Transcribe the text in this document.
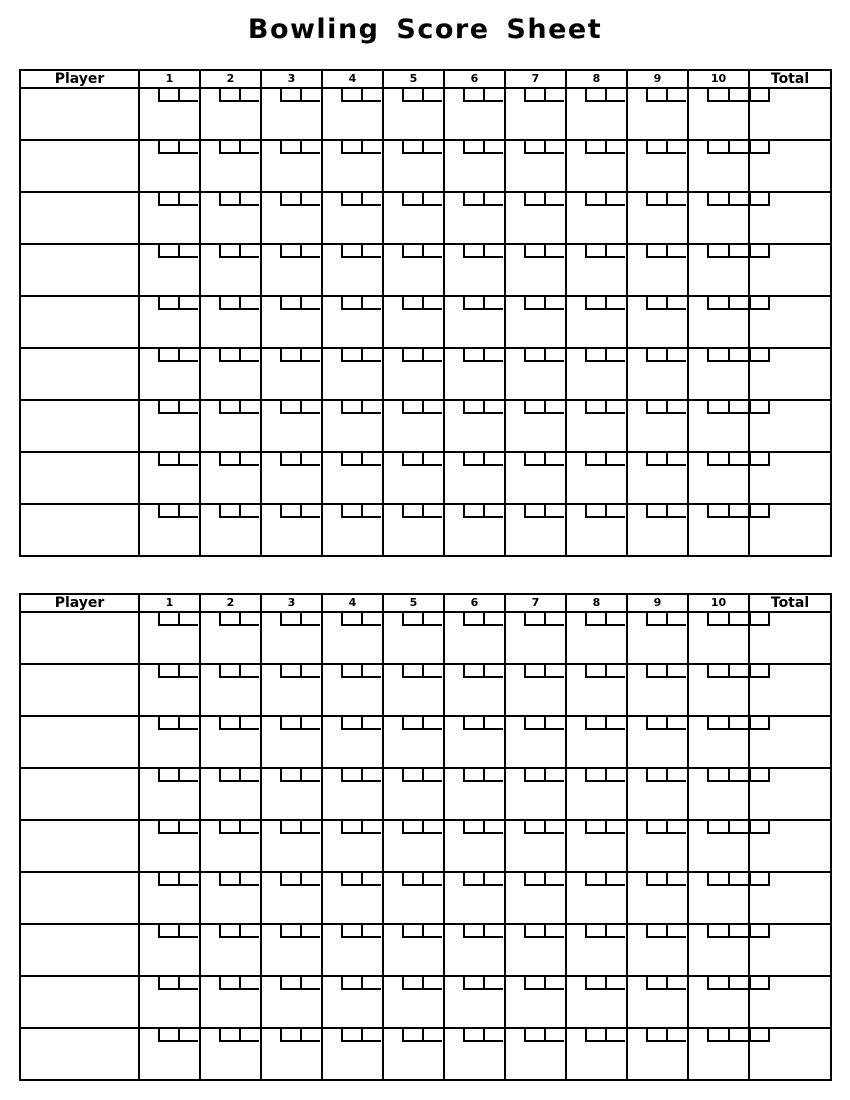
Bowling Score Sheet
Player	1	2	3	4	5	6	7	8	9	10	Total

Player	1	2	3	4	5	6	7	8	9	10	Total
